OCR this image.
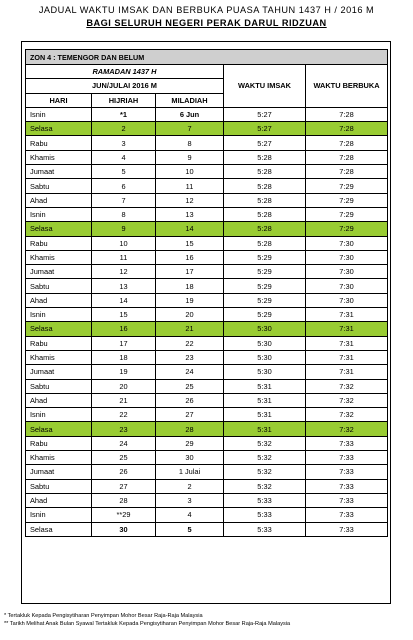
JADUAL WAKTU IMSAK DAN BERBUKA PUASA TAHUN 1437 H / 2016 M
BAGI SELURUH NEGERI PERAK DARUL RIDZUAN
ZON 4 : TEMENGOR DAN BELUM				
RAMADAN 1437 H			WAKTU IMSAK	WAKTU BERBUKA
JUN/JULAI 2016 M				
HARI	HIJRIAH	MILADIAH		
Isnin	*1	6 Jun	5:27	7:28
Selasa	2	7	5:27	7:28
Rabu	3	8	5:27	7:28
Khamis	4	9	5:28	7:28
Jumaat	5	10	5:28	7:28
Sabtu	6	11	5:28	7:29
Ahad	7	12	5:28	7:29
Isnin	8	13	5:28	7:29
Selasa	9	14	5:28	7:29
Rabu	10	15	5:28	7:30
Khamis	11	16	5:29	7:30
Jumaat	12	17	5:29	7:30
Sabtu	13	18	5:29	7:30
Ahad	14	19	5:29	7:30
Isnin	15	20	5:29	7:31
Selasa	16	21	5:30	7:31
Rabu	17	22	5:30	7:31
Khamis	18	23	5:30	7:31
Jumaat	19	24	5:30	7:31
Sabtu	20	25	5:31	7:32
Ahad	21	26	5:31	7:32
Isnin	22	27	5:31	7:32
Selasa	23	28	5:31	7:32
Rabu	24	29	5:32	7:33
Khamis	25	30	5:32	7:33
Jumaat	26	1 Julai	5:32	7:33
Sabtu	27	2	5:32	7:33
Ahad	28	3	5:33	7:33
Isnin	**29	4	5:33	7:33
Selasa	30	5	5:33	7:33
* Tertakluk Kepada Pengisytiharan Penyimpan Mohor Besar Raja-Raja Malaysia
** Tarikh Melihat Anak Bulan Syawal Tertakluk Kepada Pengisytiharan Penyimpan Mohor Besar Raja-Raja Malaysia
